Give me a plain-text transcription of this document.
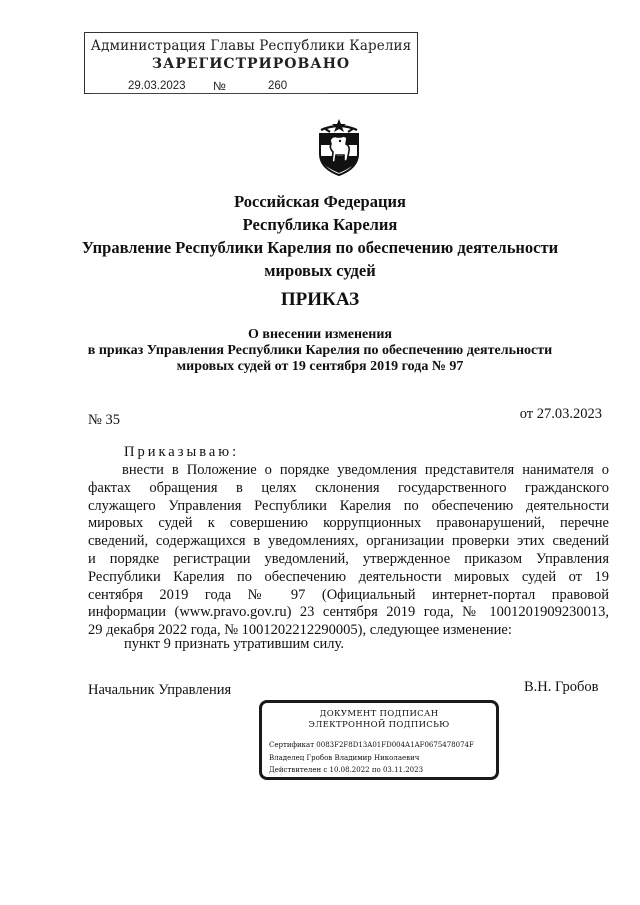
Администрация Главы Республики Карелия
ЗАРЕГИСТРИРОВАНО
29.03.2023 №	260
Российская Федерация
Республика Карелия
Управление Республики Карелия по обеспечению деятельности
мировых судей
ПРИКАЗ
О внесении изменения
в приказ Управления Республики Карелия по обеспечению деятельности
мировых судей от 19 сентября 2019 года № 97
№ 35	от 27.03.2023
Приказываю:
внести в Положение о порядке уведомления представителя нанимателя о
фактах обращения в целях склонения государственного гражданского
служащего Управления Республики Карелия по обеспечению деятельности
мировых судей к совершению коррупционных правонарушений, перечне
сведений, содержащихся в уведомлениях, организации проверки этих сведений
и порядке регистрации уведомлений, утвержденное приказом Управления
Республики Карелия по обеспечению деятельности мировых судей от 19
сентября 2019 года № 97 (Официальный интернет-портал правовой
информации (www.pravo.gov.ru) 23 сентября 2019 года, № 1001201909230013,
29 декабря 2022 года, № 1001202212290005), следующее изменение:
пункт 9 признать утратившим силу.
Начальник Управления	В.Н. Гробов
ДОКУМЕНТ ПОДПИСАН
ЭЛЕКТРОННОЙ ПОДПИСЬЮ
Сертификат 0083F2F8D13A01FD004A1AF0675478074F
Владелец Гробов Владимир Николаевич
Действителен с 10.08.2022 по 03.11.2023
